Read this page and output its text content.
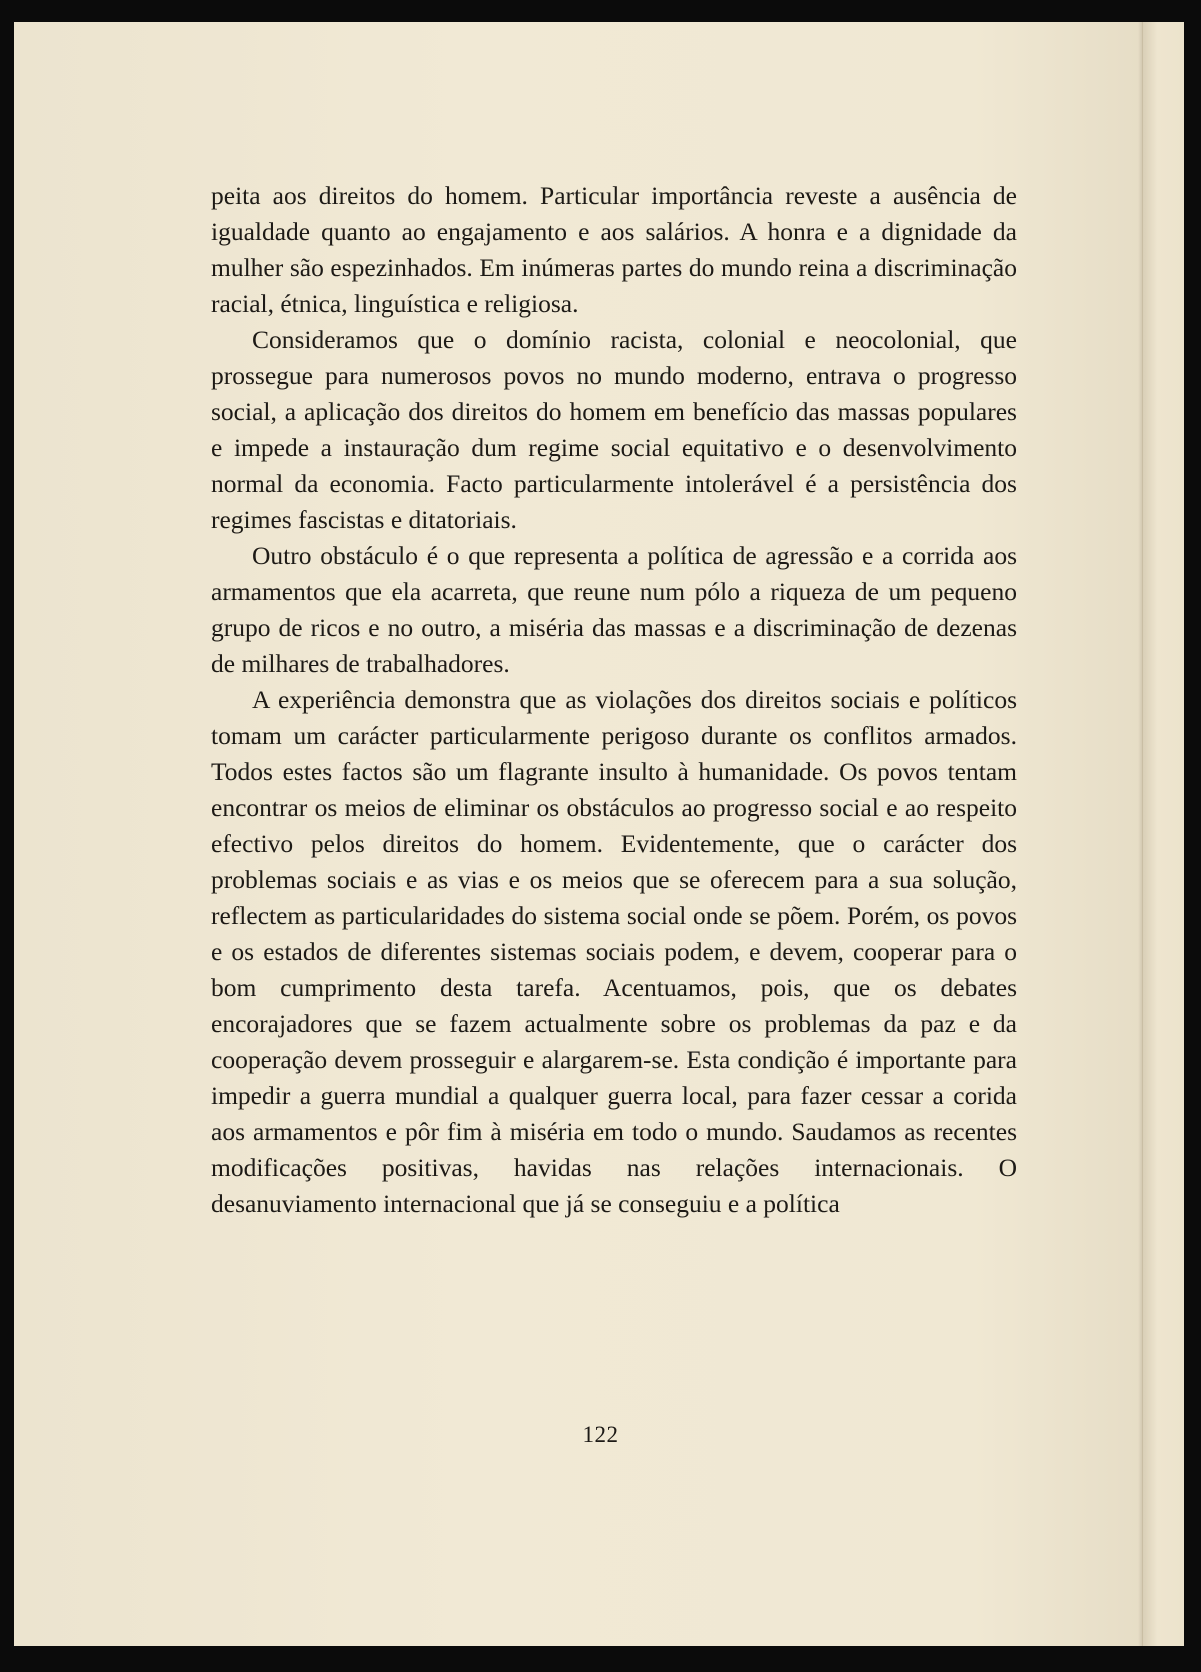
peita aos direitos do homem. Particular importância reveste a ausência de igualdade quanto ao engajamento e aos salários. A honra e a dignidade da mulher são espezinhados. Em inúmeras partes do mundo reina a discriminação racial, étnica, linguística e religiosa.

Consideramos que o domínio racista, colonial e neocolonial, que prossegue para numerosos povos no mundo moderno, entrava o progresso social, a aplicação dos direitos do homem em benefício das massas populares e impede a instauração dum regime social equitativo e o desenvolvimento normal da economia. Facto particularmente intolerável é a persistência dos regimes fascistas e ditatoriais.

Outro obstáculo é o que representa a política de agressão e a corrida aos armamentos que ela acarreta, que reune num pólo a riqueza de um pequeno grupo de ricos e no outro, a miséria das massas e a discriminação de dezenas de milhares de trabalhadores.

A experiência demonstra que as violações dos direitos sociais e políticos tomam um carácter particularmente perigoso durante os conflitos armados. Todos estes factos são um flagrante insulto à humanidade. Os povos tentam encontrar os meios de eliminar os obstáculos ao progresso social e ao respeito efectivo pelos direitos do homem. Evidentemente, que o carácter dos problemas sociais e as vias e os meios que se oferecem para a sua solução, reflectem as particularidades do sistema social onde se põem. Porém, os povos e os estados de diferentes sistemas sociais podem, e devem, cooperar para o bom cumprimento desta tarefa. Acentuamos, pois, que os debates encorajadores que se fazem actualmente sobre os problemas da paz e da cooperação devem prosseguir e alargarem-se. Esta condição é importante para impedir a guerra mundial a qualquer guerra local, para fazer cessar a corida aos armamentos e pôr fim à miséria em todo o mundo. Saudamos as recentes modificações positivas, havidas nas relações internacionais. O desanuviamento internacional que já se conseguiu e a política

122
